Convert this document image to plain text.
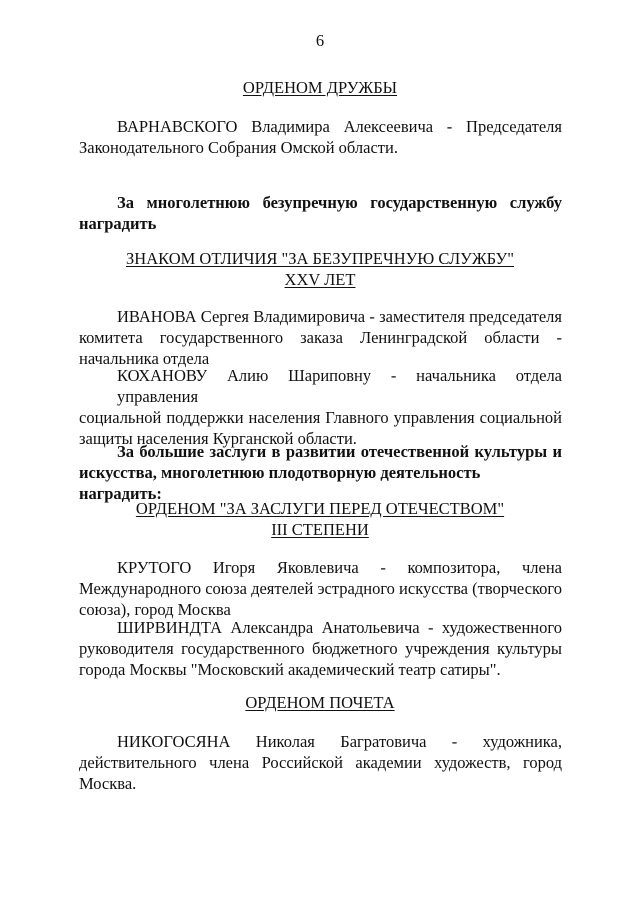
6

ОРДЕНОМ ДРУЖБЫ

ВАРНАВСКОГО Владимира Алексеевича - Председателя
Законодательного Собрания Омской области.
За многолетнюю безупречную государственную службу
наградить
ЗНАКОМ ОТЛИЧИЯ "ЗА БЕЗУПРЕЧНУЮ СЛУЖБУ"
XXV ЛЕТ
ИВАНОВА Сергея Владимировича - заместителя председателя
комитета государственного заказа Ленинградской области -
начальника отдела
КОХАНОВУ Алию Шариповну - начальника отдела управления
социальной поддержки населения Главного управления социальной
защиты населения Курганской области.
За большие заслуги в развитии отечественной культуры и
искусства, многолетнюю плодотворную деятельность наградить:
ОРДЕНОМ "ЗА ЗАСЛУГИ ПЕРЕД ОТЕЧЕСТВОМ"
III СТЕПЕНИ
КРУТОГО Игоря Яковлевича - композитора, члена
Международного союза деятелей эстрадного искусства (творческого
союза), город Москва
ШИРВИНДТА Александра Анатольевича - художественного
руководителя государственного бюджетного учреждения культуры
города Москвы "Московский академический театр сатиры".

ОРДЕНОМ ПОЧЕТА

НИКОГОСЯНА Николая Багратовича - художника,
действительного члена Российской академии художеств, город
Москва.
